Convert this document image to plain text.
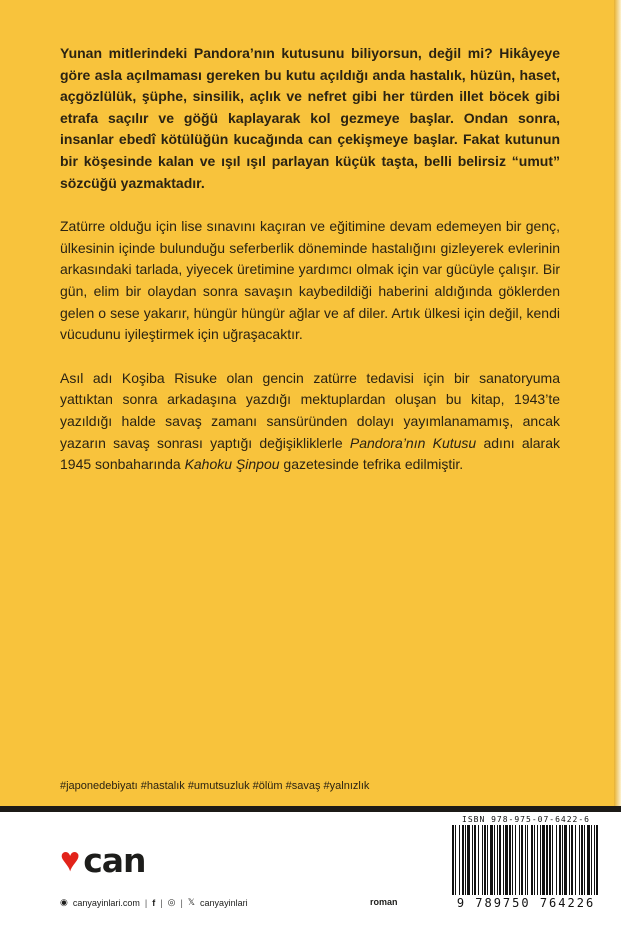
Yunan mitlerindeki Pandora’nın kutusunu biliyorsun, değil mi? Hikâyeye göre asla açılmaması gereken bu kutu açıldığı anda hastalık, hüzün, haset, açgözlülük, şüphe, sinsilik, açlık ve nefret gibi her türden illet böcek gibi etrafa saçılır ve göğü kaplayarak kol gezmeye başlar. Ondan sonra, insanlar ebedî kötülüğün kucağında can çekişmeye başlar. Fakat kutunun bir köşesinde kalan ve ışıl ışıl parlayan küçük taşta, belli belirsiz “umut” sözcüğü yazmaktadır.

Zatürre olduğu için lise sınavını kaçıran ve eğitimine devam edemeyen bir genç, ülkesinin içinde bulunduğu seferberlik döneminde hastalığını gizleyerek evlerinin arkasındaki tarlada, yiyecek üretimine yardımcı olmak için var gücüyle çalışır. Bir gün, elim bir olaydan sonra savaşın kaybedildiği haberini aldığında göklerden gelen o sese yakarır, hüngür hüngür ağlar ve af diler. Artık ülkesi için değil, kendi vücudunu iyileştirmek için uğraşacaktır.

Asıl adı Koşiba Risuke olan gencin zatürre tedavisi için bir sanatoryuma yattıktan sonra arkadaşına yazdığı mektuplardan oluşan bu kitap, 1943’te yazıldığı halde savaş zamanı sansüründen dolayı yayımlanamamış, ancak yazarın savaş sonrası yaptığı değişikliklerle Pandora’nın Kutusu adını alarak 1945 sonbaharında Kahoku Şinpou gazetesinde tefrika edilmiştir.

#japonedebiyatı #hastalık #umutsuzluk #ölüm #savaş #yalnızlık
♥ can
◉ canyayinlari.com | f | ◎ | 𝕏 canyayinlari	roman
ISBN 978-975-07-6422-6
9 789750 764226
